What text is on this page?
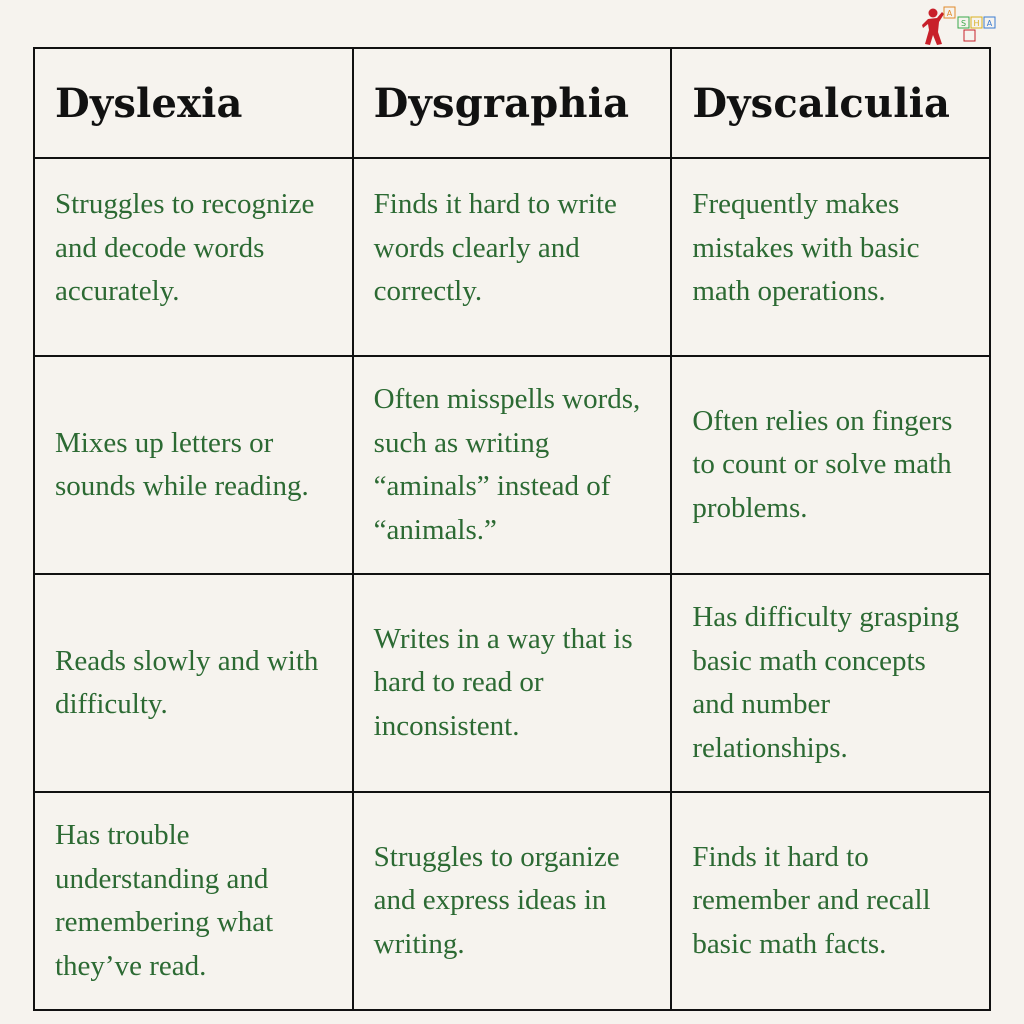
A
S H A
Dyslexia	Dysgraphia	Dyscalculia
Struggles to recognize and decode words accurately.	Finds it hard to write words clearly and correctly.	Frequently makes mistakes with basic math operations.
Mixes up letters or sounds while reading.	Often misspells words, such as writing “aminals” instead of “animals.”	Often relies on fingers to count or solve math problems.
Reads slowly and with difficulty.	Writes in a way that is hard to read or inconsistent.	Has difficulty grasping basic math concepts and number relationships.
Has trouble understanding and remembering what they’ve read.	Struggles to organize and express ideas in writing.	Finds it hard to remember and recall basic math facts.
